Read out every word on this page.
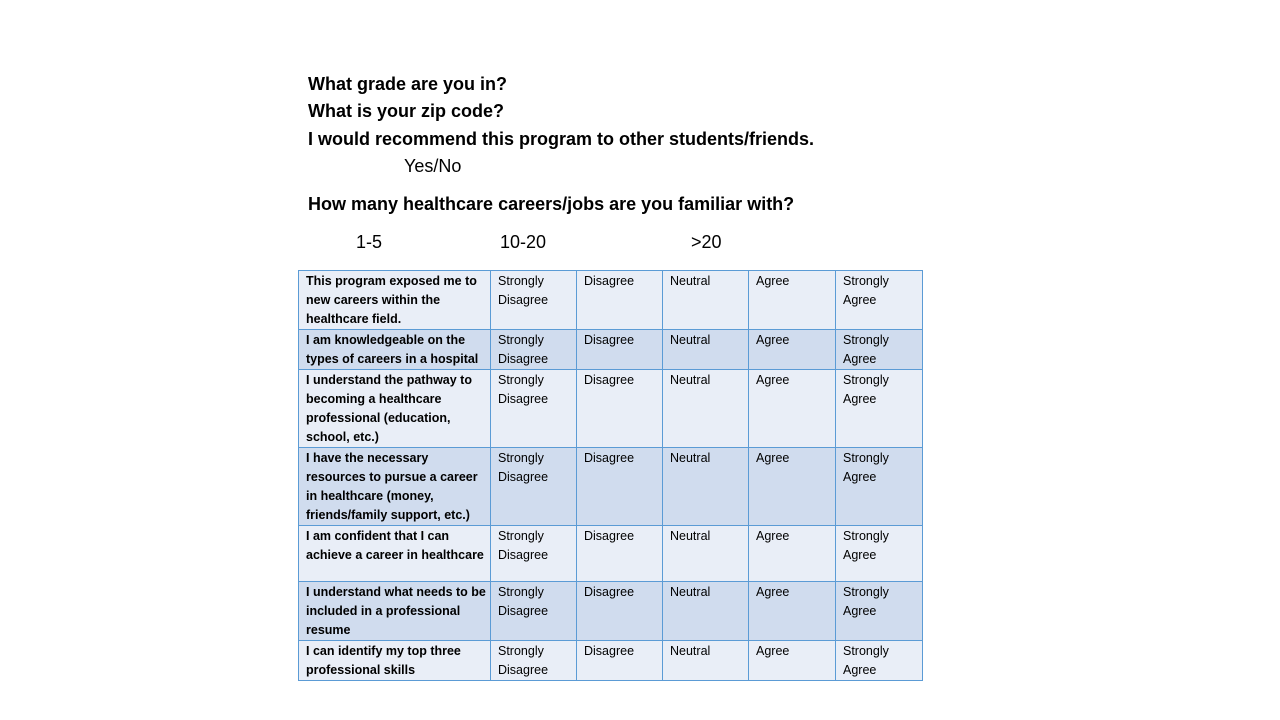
What grade are you in?
What is your zip code?
I would recommend this program to other students/friends.
Yes/No
How many healthcare careers/jobs are you familiar with?
1-5	10-20	>20
This program exposed me to new careers within the healthcare field.	Strongly Disagree	Disagree	Neutral	Agree	Strongly Agree
I am knowledgeable on the types of careers in a hospital	Strongly Disagree	Disagree	Neutral	Agree	Strongly Agree
I understand the pathway to becoming a healthcare professional (education, school, etc.)	Strongly Disagree	Disagree	Neutral	Agree	Strongly Agree
I have the necessary resources to pursue a career in healthcare (money, friends/family support, etc.)	Strongly Disagree	Disagree	Neutral	Agree	Strongly Agree
I am confident that I can achieve a career in healthcare	Strongly Disagree	Disagree	Neutral	Agree	Strongly Agree
I understand what needs to be included in a professional resume	Strongly Disagree	Disagree	Neutral	Agree	Strongly Agree
I can identify my top three professional skills	Strongly Disagree	Disagree	Neutral	Agree	Strongly Agree
